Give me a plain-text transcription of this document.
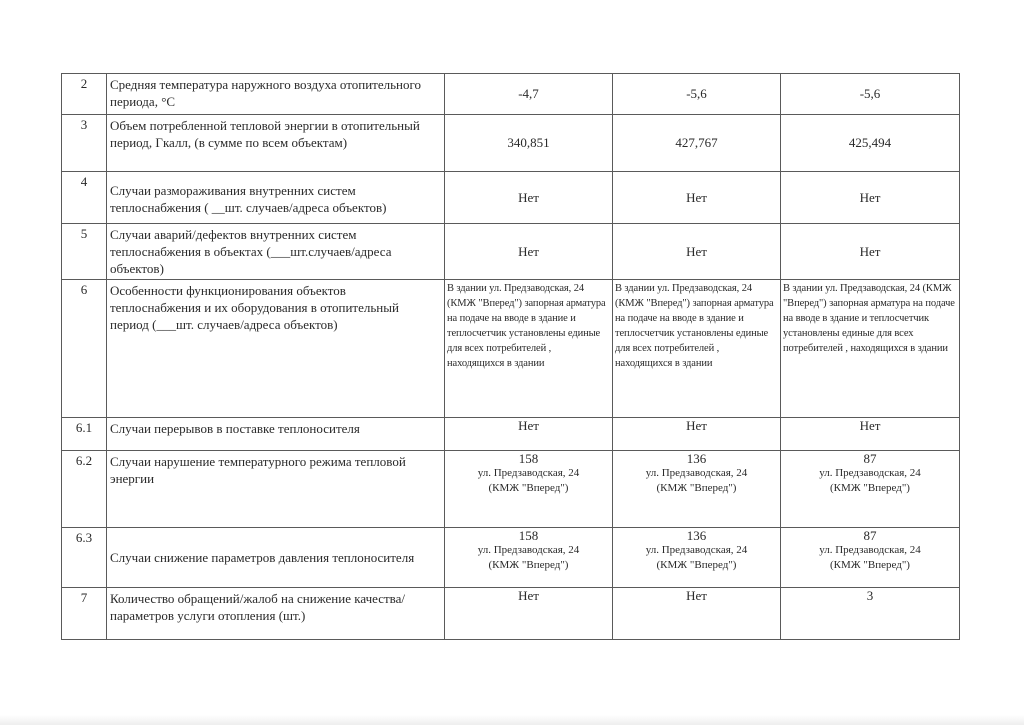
2	Средняя температура наружного воздуха отопительного периода, °С	-4,7	-5,6	-5,6
3	Объем потребленной тепловой энергии в отопительный период, Гкалл, (в сумме по всем объектам)	340,851	427,767	425,494
4	Случаи размораживания внутренних систем теплоснабжения ( __шт. случаев/адреса объектов)	Нет	Нет	Нет
5	Случаи аварий/дефектов внутренних систем теплоснабжения в объектах (___шт.случаев/адреса объектов)	Нет	Нет	Нет
6	Особенности функционирования объектов теплоснабжения и их оборудования в отопительный период (___шт. случаев/адреса объектов)	В здании ул. Предзаводская, 24 (КМЖ "Вперед") запорная арматура на подаче на вводе в здание и теплосчетчик установлены единые для всех потребителей , находящихся в здании	В здании ул. Предзаводская, 24 (КМЖ "Вперед") запорная арматура на подаче на вводе в здание и теплосчетчик установлены единые для всех потребителей , находящихся в здании	В здании ул. Предзаводская, 24 (КМЖ "Вперед") запорная арматура на подаче на вводе в здание и теплосчетчик установлены единые для всех потребителей , находящихся в здании
6.1	Случаи перерывов в поставке теплоносителя	Нет	Нет	Нет
6.2	Случаи нарушение температурного режима тепловой энергии	158
ул. Предзаводская, 24
(КМЖ "Вперед")	136
ул. Предзаводская, 24
(КМЖ "Вперед")	87
ул. Предзаводская, 24
(КМЖ "Вперед")

6.3	Случаи снижение параметров давления теплоносителя	158
ул. Предзаводская, 24
(КМЖ "Вперед")	136
ул. Предзаводская, 24
(КМЖ "Вперед")	87
ул. Предзаводская, 24
(КМЖ "Вперед")

7	Количество обращений/жалоб на снижение качества/параметров услуги отопления (шт.)	Нет	Нет	3
